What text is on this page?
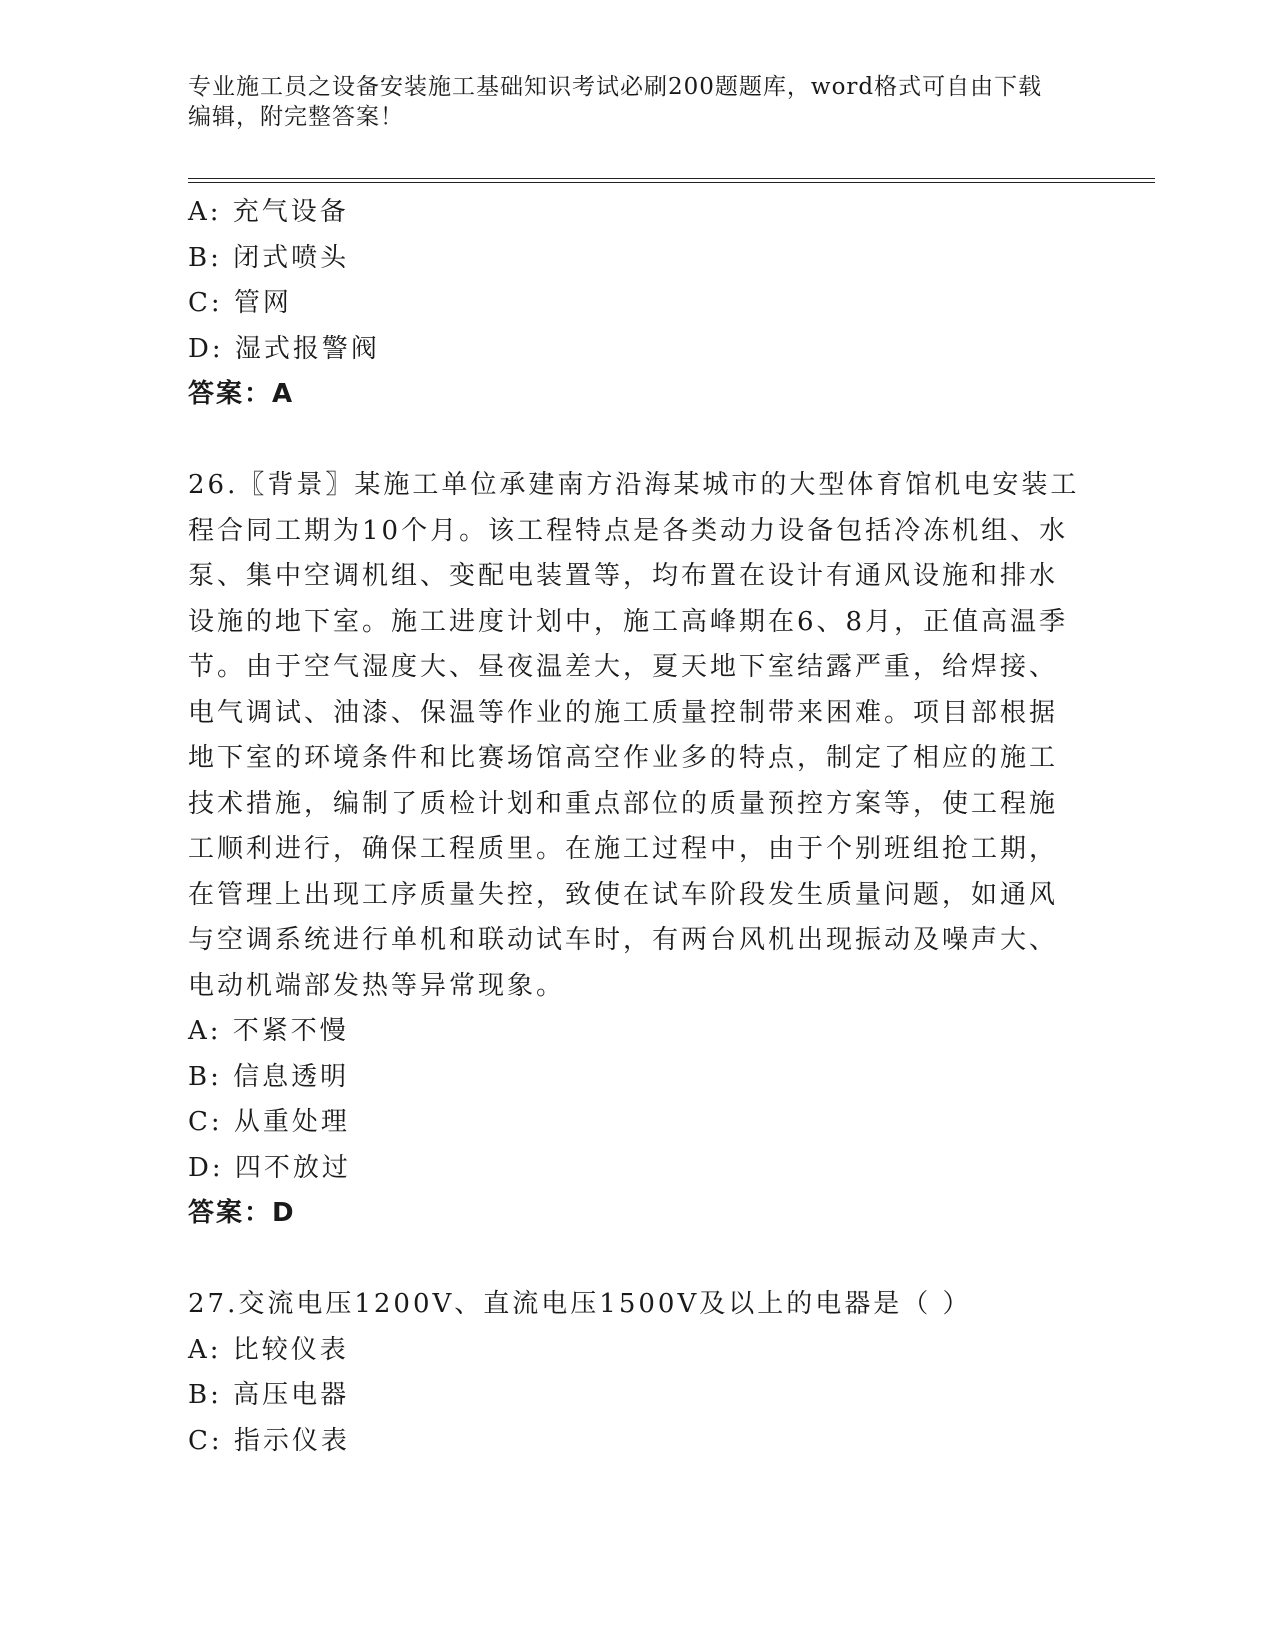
专业施工员之设备安装施工基础知识考试必刷200题题库，word格式可自由下载
编辑，附完整答案！
A: 充气设备
B: 闭式喷头
C: 管网
D: 湿式报警阀
答案：A
26.〖背景〗某施工单位承建南方沿海某城市的大型体育馆机电安装工
程合同工期为10个月。该工程特点是各类动力设备包括冷冻机组、水
泵、集中空调机组、变配电装置等，均布置在设计有通风设施和排水
设施的地下室。施工进度计划中，施工高峰期在6、8月，正值高温季
节。由于空气湿度大、昼夜温差大，夏天地下室结露严重，给焊接、
电气调试、油漆、保温等作业的施工质量控制带来困难。项目部根据
地下室的环境条件和比赛场馆高空作业多的特点，制定了相应的施工
技术措施，编制了质检计划和重点部位的质量预控方案等，使工程施
工顺利进行，确保工程质里。在施工过程中，由于个别班组抢工期，
在管理上出现工序质量失控，致使在试车阶段发生质量问题，如通风
与空调系统进行单机和联动试车时，有两台风机出现振动及噪声大、
电动机端部发热等异常现象。
A: 不紧不慢
B: 信息透明
C: 从重处理
D: 四不放过
答案：D
27.交流电压1200V、直流电压1500V及以上的电器是（ ）
A: 比较仪表
B: 高压电器
C: 指示仪表
